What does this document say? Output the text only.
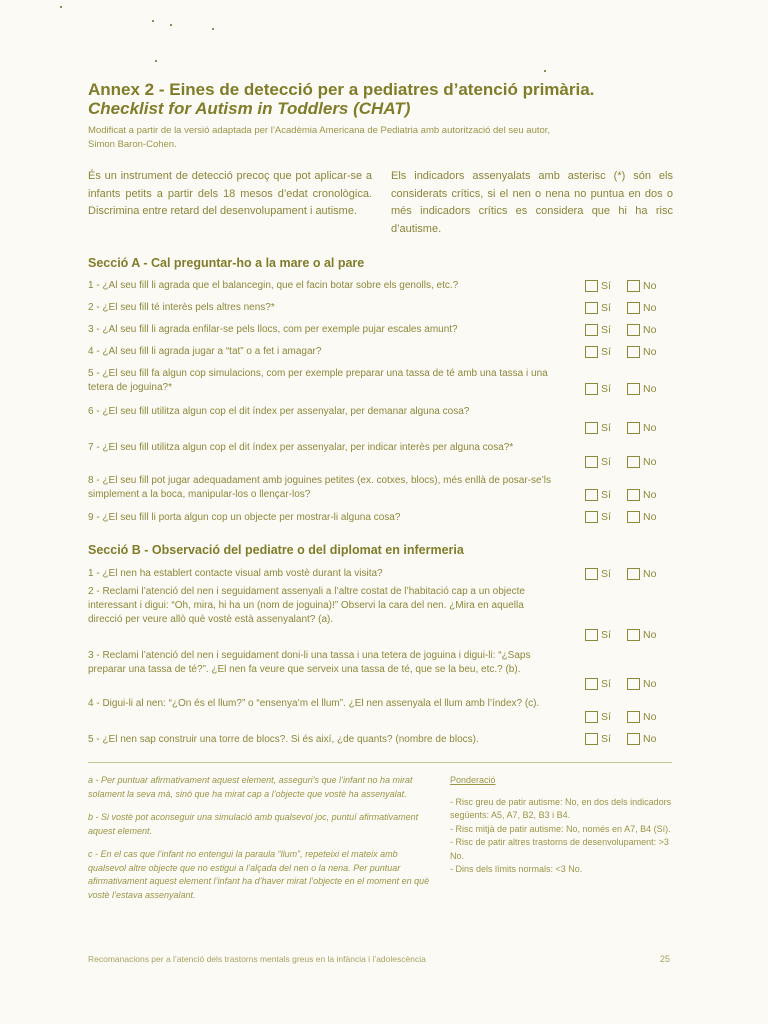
Annex 2 - Eines de detecció per a pediatres d’atenció primària. Checklist for Autism in Toddlers (CHAT)
Modificat a partir de la versió adaptada per l’Acadèmia Americana de Pediatria amb autorització del seu autor, Simon Baron-Cohen.
És un instrument de detecció precoç que pot aplicar-se a infants petits a partir dels 18 mesos d’edat cronològica. Discrimina entre retard del desenvolupament i autisme.
Els indicadors assenyalats amb asterisc (*) són els considerats crítics, si el nen o nena no puntua en dos o més indicadors crítics es considera que hi ha risc d’autisme.
Secció A - Cal preguntar-ho a la mare o al pare
1 - ¿Al seu fill li agrada que el balancegin, que el facin botar sobre els genolls, etc.?	Sí	No
2 - ¿El seu fill té interès pels altres nens?*	Sí	No
3 - ¿Al seu fill li agrada enfilar-se pels llocs, com per exemple pujar escales amunt?	Sí	No
4 - ¿Al seu fill li agrada jugar a “tat” o a fet i amagar?	Sí	No
5 - ¿El seu fill fa algun cop simulacions, com per exemple preparar una tassa de té amb una tassa i una tetera de joguina?*	Sí	No
6 - ¿El seu fill utilitza algun cop el dit índex per assenyalar, per demanar alguna cosa?
Sí	No
7 - ¿El seu fill utilitza algun cop el dit índex per assenyalar, per indicar interès per alguna cosa?*
Sí	No
8 - ¿El seu fill pot jugar adequadament amb joguines petites (ex. cotxes, blocs), més enllà de posar-se’ls simplement a la boca, manipular-los o llençar-los?	Sí	No
9 - ¿El seu fill li porta algun cop un objecte per mostrar-li alguna cosa?	Sí	No
Secció B - Observació del pediatre o del diplomat en infermeria
1 - ¿El nen ha establert contacte visual amb vostè durant la visita?	Sí	No
2 - Reclami l’atenció del nen i seguidament assenyali a l’altre costat de l’habitació cap a un objecte interessant i digui: “Oh, mira, hi ha un (nom de joguina)!” Observi la cara del nen. ¿Mira en aquella direcció per veure allò què vostè està assenyalant? (a).
Sí	No
3 - Reclami l’atenció del nen i seguidament doni-li una tassa i una tetera de joguina i digui-li: “¿Saps preparar una tassa de té?”. ¿El nen fa veure que serveix una tassa de té, que se la beu, etc.? (b).
Sí	No
4 - Digui-li al nen: “¿On és el llum?” o “ensenya’m el llum”. ¿El nen assenyala el llum amb l’índex? (c).
Sí	No
5 - ¿El nen sap construir una torre de blocs?. Si és així, ¿de quants? (nombre de blocs).	Sí	No

a - Per puntuar afirmativament aquest element, asseguri’s que l’infant no ha mirat solament la seva mà, sinó que ha mirat cap a l’objecte que vostè ha assenyalat.

b - Si vostè pot aconseguir una simulació amb qualsevol joc, puntuï afirmativament aquest element.

c - En el cas que l’infant no entengui la paraula “llum”, repeteixi el mateix amb qualsevol altre objecte que no estigui a l’alçada del nen o la nena. Per puntuar afirmativament aquest element l’infant ha d’haver mirat l’objecte en el moment en què vostè l’estava assenyalant.

Ponderació
- Risc greu de patir autisme: No, en dos dels indicadors següents: A5, A7, B2, B3 i B4.
- Risc mitjà de patir autisme: No, només en A7, B4 (Sí).
- Risc de patir altres trastorns de desenvolupament: >3 No.
- Dins dels límits normals: <3 No.
Recomanacions per a l’atenció dels trastorns mentals greus en la infància i l’adolescència	25
